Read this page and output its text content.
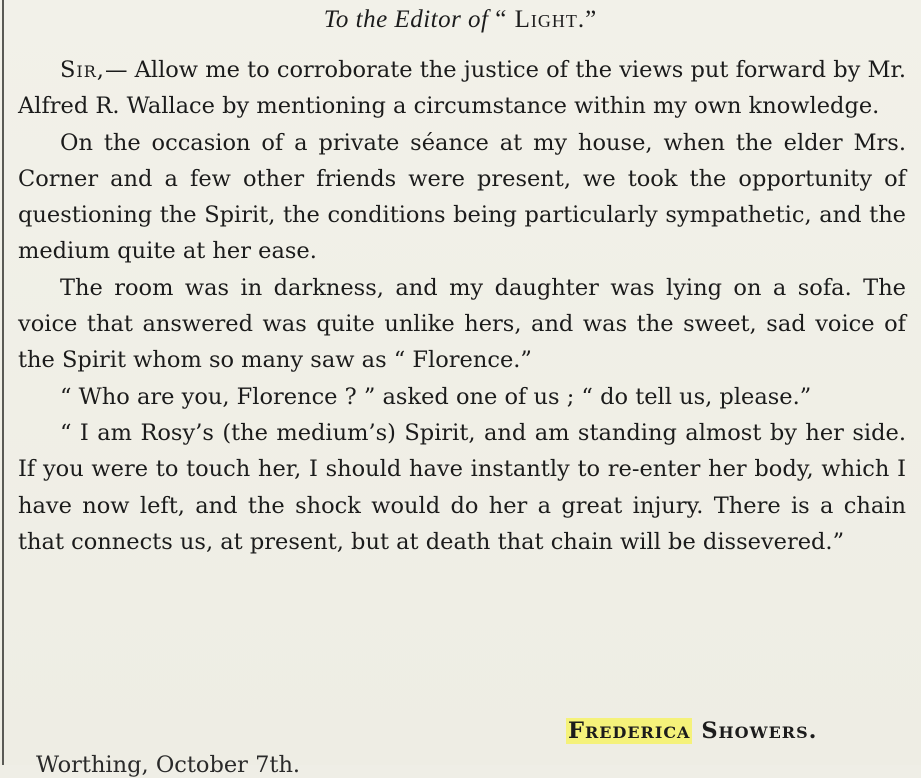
To the Editor of “ Light.”

Sir,— Allow me to corroborate the justice of the views put forward by Mr. Alfred R. Wallace by mentioning a circumstance within my own knowledge.

On the occasion of a private séance at my house, when the elder Mrs. Corner and a few other friends were present, we took the opportunity of questioning the Spirit, the conditions being particularly sympathetic, and the medium quite at her ease.

The room was in darkness, and my daughter was lying on a sofa. The voice that answered was quite unlike hers, and was the sweet, sad voice of the Spirit whom so many saw as “ Florence.”

“ Who are you, Florence ? ” asked one of us ; “ do tell us, please.”

“ I am Rosy’s (the medium’s) Spirit, and am standing almost by her side. If you were to touch her, I should have instantly to re-enter her body, which I have now left, and the shock would do her a great injury. There is a chain that connects us, at present, but at death that chain will be dissevered.”

Frederica Showers.
Worthing, October 7th.
